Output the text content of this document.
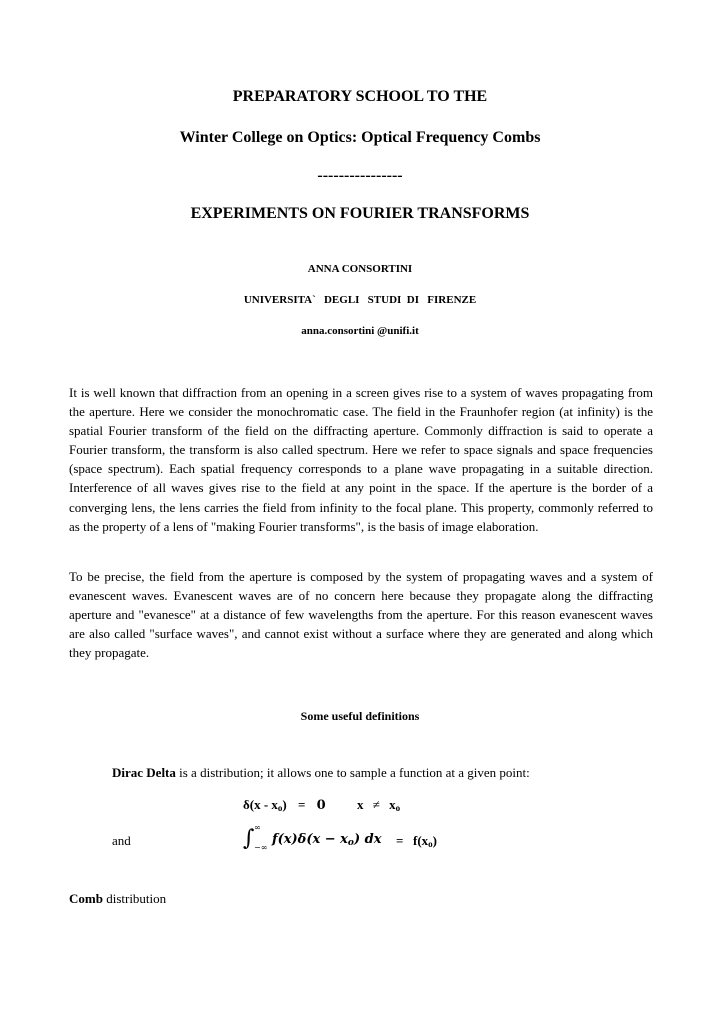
PREPARATORY SCHOOL TO THE
Winter College on Optics: Optical Frequency Combs
----------------
EXPERIMENTS ON FOURIER TRANSFORMS
ANNA CONSORTINI
UNIVERSITA`   DEGLI   STUDI  DI   FIRENZE
anna.consortini @unifi.it

It is well known that diffraction from an opening in a screen gives rise to a system of waves propagating from the aperture. Here we consider the monochromatic case. The field in the Fraunhofer region (at infinity) is the spatial Fourier transform of the field on the diffracting aperture. Commonly diffraction is said to operate a Fourier transform, the transform is also called spectrum. Here we refer to space signals and space frequencies (space spectrum). Each spatial frequency corresponds to a plane wave propagating in a suitable direction. Interference of all waves gives rise to the field at any point in the space. If the aperture is the border of a converging lens, the lens carries the field from infinity to the focal plane. This property, commonly referred to as the property of a lens of "making Fourier transforms", is the basis of image elaboration.

To be precise, the field from the aperture is composed by the system of propagating waves and a system of evanescent waves. Evanescent waves are of no concern here because they propagate along the diffracting aperture and "evanesce" at a distance of few wavelengths from the aperture. For this reason evanescent waves are also called "surface waves", and cannot exist without a surface where they are generated and along which they propagate.

Some useful definitions
Dirac Delta is a distribution; it allows one to sample a function at a given point:
$\delta(x - x_o) = 0$ $x \ne x_o$
and	∫ ∞
−∞
$f(x)\delta(x - x_o)$ dx = $f(x_o)$
Comb distribution
